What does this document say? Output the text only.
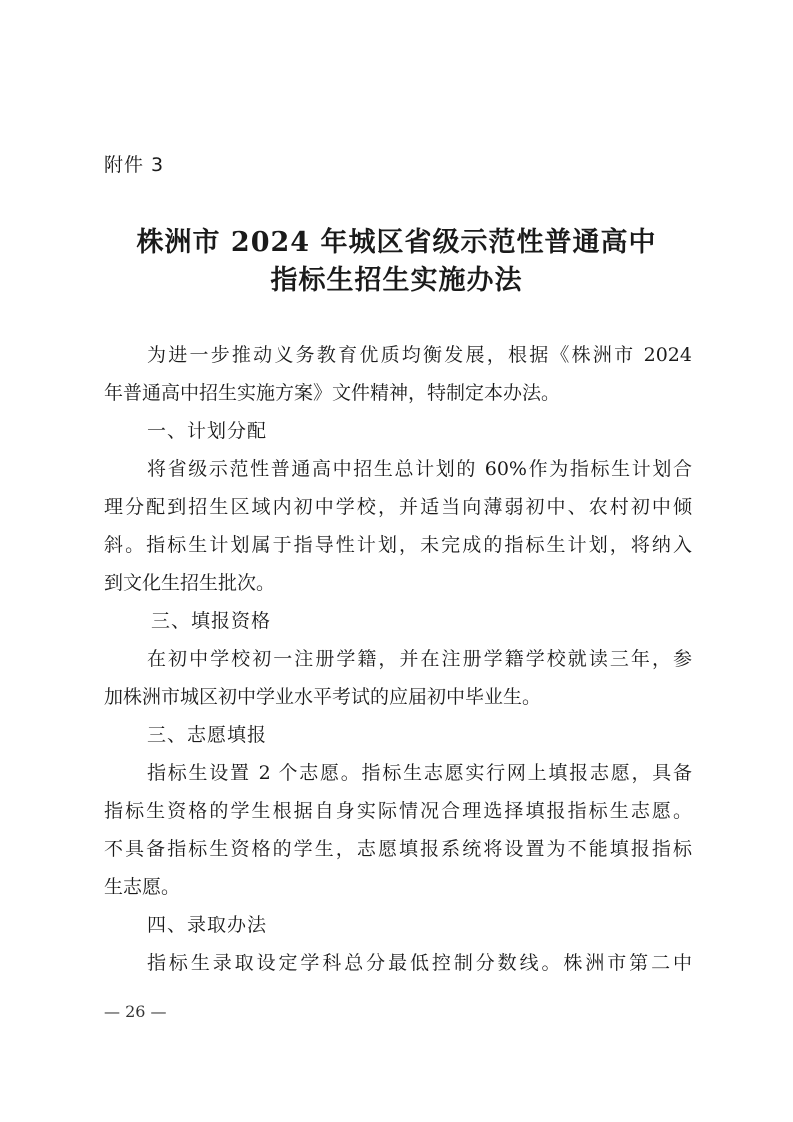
附件 3
株洲市 2024 年城区省级示范性普通高中
指标生招生实施办法
为进一步推动义务教育优质均衡发展，根据《株洲市 2024
年普通高中招生实施方案》文件精神，特制定本办法。
一、计划分配
将省级示范性普通高中招生总计划的 60%作为指标生计划合
理分配到招生区域内初中学校，并适当向薄弱初中、农村初中倾
斜。指标生计划属于指导性计划，未完成的指标生计划，将纳入
到文化生招生批次。
三、填报资格
在初中学校初一注册学籍，并在注册学籍学校就读三年，参
加株洲市城区初中学业水平考试的应届初中毕业生。
三、志愿填报
指标生设置 2 个志愿。指标生志愿实行网上填报志愿，具备
指标生资格的学生根据自身实际情况合理选择填报指标生志愿。
不具备指标生资格的学生，志愿填报系统将设置为不能填报指标
生志愿。
四、录取办法
指标生录取设定学科总分最低控制分数线。株洲市第二中
— 26 —
